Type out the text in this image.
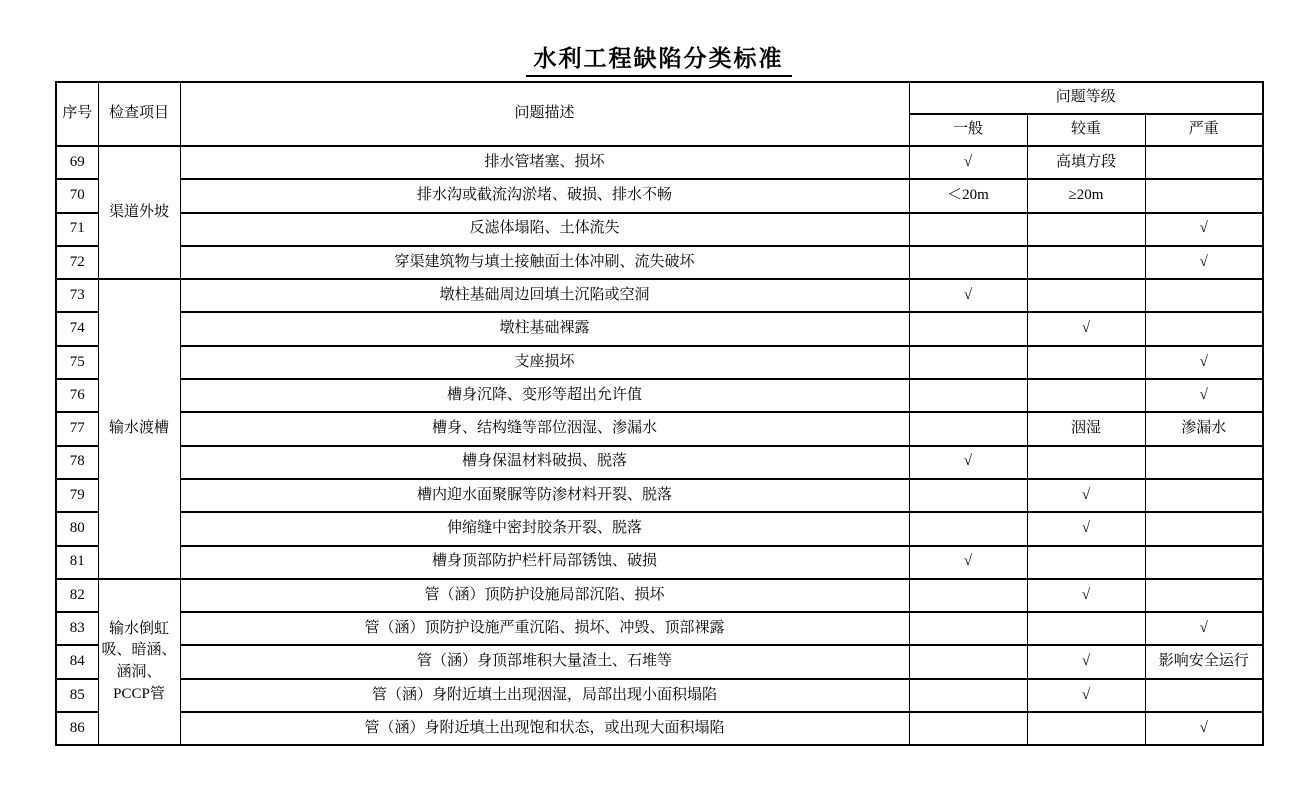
水利工程缺陷分类标准
序号	检查项目	问题描述	问题等级		
			一般	较重	严重
69	渠道外坡	排水管堵塞、损坏	√	高填方段	
70		排水沟或截流沟淤堵、破损、排水不畅	＜20m	≥20m	
71		反滤体塌陷、土体流失			√
72		穿渠建筑物与填土接触面土体冲刷、流失破坏			√
73	输水渡槽	墩柱基础周边回填土沉陷或空洞	√		
74		墩柱基础裸露		√	
75		支座损坏			√
76		槽身沉降、变形等超出允许值			√
77		槽身、结构缝等部位洇湿、渗漏水		洇湿	渗漏水
78		槽身保温材料破损、脱落	√		
79		槽内迎水面聚脲等防渗材料开裂、脱落		√	
80		伸缩缝中密封胶条开裂、脱落		√	
81		槽身顶部防护栏杆局部锈蚀、破损	√		
82	输水倒虹吸、暗涵、涵洞、PCCP管	管（涵）顶防护设施局部沉陷、损坏		√	
83		管（涵）顶防护设施严重沉陷、损坏、冲毁、顶部裸露			√
84		管（涵）身顶部堆积大量渣土、石堆等		√	影响安全运行
85		管（涵）身附近填土出现洇湿，局部出现小面积塌陷		√	
86		管（涵）身附近填土出现饱和状态，或出现大面积塌陷			√
